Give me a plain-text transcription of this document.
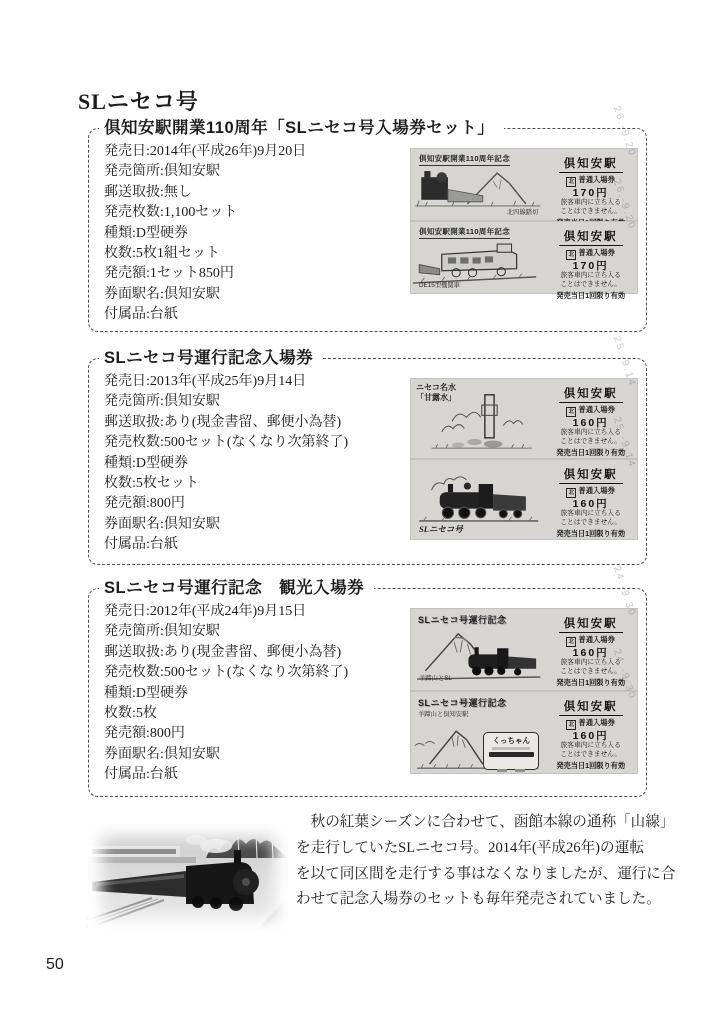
SLニセコ号
倶知安駅開業110周年「SLニセコ号入場券セット」
発売日:2014年(平成26年)9月20日
発売箇所:倶知安駅
郵送取扱:無し
発売枚数:1,100セット
種類:D型硬券
枚数:5枚1組セット
発売額:1セット850円
券面駅名:倶知安駅
付属品:台紙
倶知安駅開業110周年記念
北四線踏切
倶知安駅
北 普通入場券
170円
旅客車内に立ち入る
ことはできません。
26.-9.20
倶知安駅開業110周年記念
DE15型機関車
倶知安駅
北 普通入場券
170円
旅客車内に立ち入る
ことはできません。
発売当日1回限り有効
26.-9.20
SLニセコ号運行記念入場券
発売日:2013年(平成25年)9月14日
発売箇所:倶知安駅
郵送取扱:あり(現金書留、郵便小為替)
発売枚数:500セット(なくなり次第終了)
種類:D型硬券
枚数:5枚セット
発売額:800円
券面駅名:倶知安駅
付属品:台紙
ニセコ名水
「甘露水」	倶知安駅
北 普通入場券
160円
旅客車内に立ち入る
ことはできません。
発売当日1回限り有効
25.-9.14
SLニセコ号
倶知安駅
北 普通入場券
160円
旅客車内に立ち入る
ことはできません。
発売当日1回限り有効
25.-9.14
SLニセコ号運行記念　観光入場券
発売日:2012年(平成24年)9月15日
発売箇所:倶知安駅
郵送取扱:あり(現金書留、郵便小為替)
発売枚数:500セット(なくなり次第終了)
種類:D型硬券
枚数:5枚
発売額:800円
券面駅名:倶知安駅
付属品:台紙
SLニセコ号運行記念
羊蹄山とSL
倶知安駅
北 普通入場券
160円
旅客車内に立ち入る
ことはできません。
発売当日1回限り有効
24.-9.30
SLニセコ号運行記念
羊蹄山と倶知安駅
くっちゃん
倶知安駅
北 普通入場券
160円
旅客車内に立ち入る
ことはできません。
発売当日1回限り有効
24.-9.30
　秋の紅葉シーズンに合わせて、函館本線の通称「山線」
を走行していたSLニセコ号。2014年(平成26年)の運転
を以て同区間を走行する事はなくなりましたが、運行に合
わせて記念入場券のセットも毎年発売されていました。
50
